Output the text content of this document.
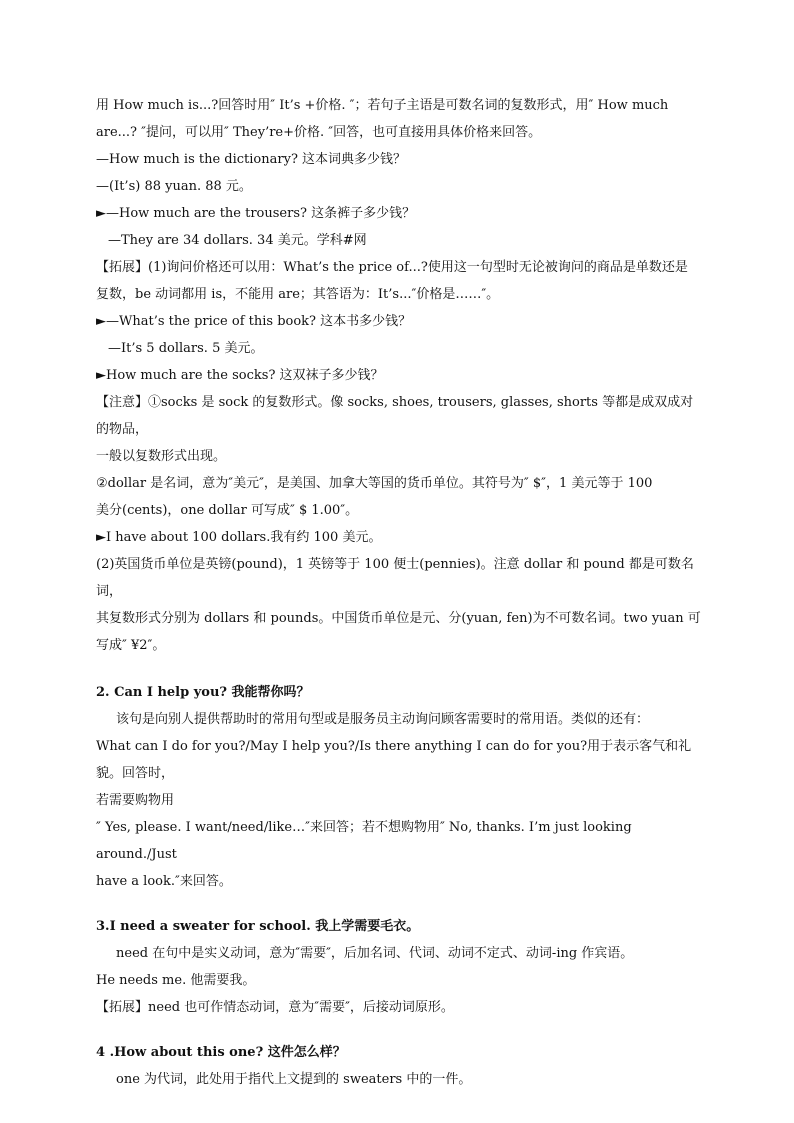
用 How much is...?回答时用″ It’s +价格. ″；若句子主语是可数名词的复数形式，用″ How much

are...? ″提问，可以用″ They’re+价格. ″回答，也可直接用具体价格来回答。

—How much is the dictionary? 这本词典多少钱？

—(It’s) 88 yuan. 88 元。

►—How much are the trousers? 这条裤子多少钱？

—They are 34 dollars. 34 美元。学科#网

【拓展】(1)询问价格还可以用：What’s the price of...?使用这一句型时无论被询问的商品是单数还是

复数，be 动词都用 is，不能用 are；其答语为：It’s...″价格是……″。

►—What’s the price of this book? 这本书多少钱？

—It’s 5 dollars. 5 美元。

►How much are the socks? 这双袜子多少钱？

【注意】①socks 是 sock 的复数形式。像 socks, shoes, trousers, glasses, shorts 等都是成双成对的物品，

一般以复数形式出现。

②dollar 是名词，意为″美元″，是美国、加拿大等国的货币单位。其符号为″ $″，1 美元等于 100

美分(cents)，one dollar 可写成″ $ 1.00″。

►I have about 100 dollars.我有约 100 美元。

(2)英国货币单位是英镑(pound)，1 英镑等于 100 便士(pennies)。注意 dollar 和 pound 都是可数名词，

其复数形式分别为 dollars 和 pounds。中国货币单位是元、分(yuan, fen)为不可数名词。two yuan 可

写成″ ¥2″。

2. Can I help you? 我能帮你吗？

该句是向别人提供帮助时的常用句型或是服务员主动询问顾客需要时的常用语。类似的还有：

What can I do for you?/May I help you?/Is there anything I can do for you?用于表示客气和礼貌。回答时，

若需要购物用

″ Yes, please. I want/need/like…″来回答；若不想购物用″ No, thanks. I’m just looking around./Just

have a look.″来回答。

3.I need a sweater for school. 我上学需要毛衣。

need 在句中是实义动词，意为″需要″，后加名词、代词、动词不定式、动词-ing 作宾语。

He needs me. 他需要我。

【拓展】need 也可作情态动词，意为″需要″，后接动词原形。

4 .How about this one? 这件怎么样？

one 为代词，此处用于指代上文提到的 sweaters 中的一件。
